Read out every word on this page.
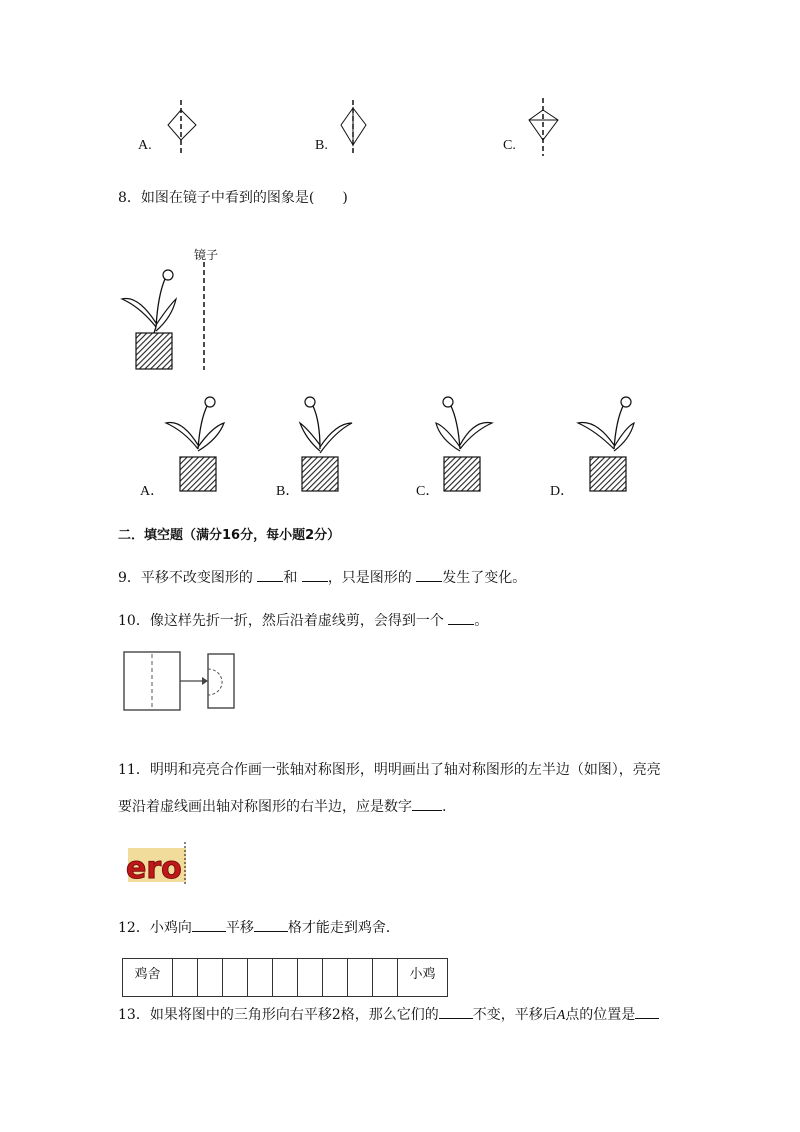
A.	B.	C.
8．如图在镜子中看到的图象是(　　)
镜子
A．	B．	C．	D．
二．填空题（满分16分，每小题2分）
9．平移不改变图形的 和 ，只是图形的 发生了变化。
10．像这样先折一折，然后沿着虚线剪，会得到一个 。
11．明明和亮亮合作画一张轴对称图形，明明画出了轴对称图形的左半边（如图），亮亮
要沿着虚线画出轴对称图形的右半边，应是数字 .
ero
12．小鸡向 平移 格才能走到鸡舍．
鸡舍										小鸡
13．如果将图中的三角形向右平移2格，那么它们的 不变，平移后A点的位置是
